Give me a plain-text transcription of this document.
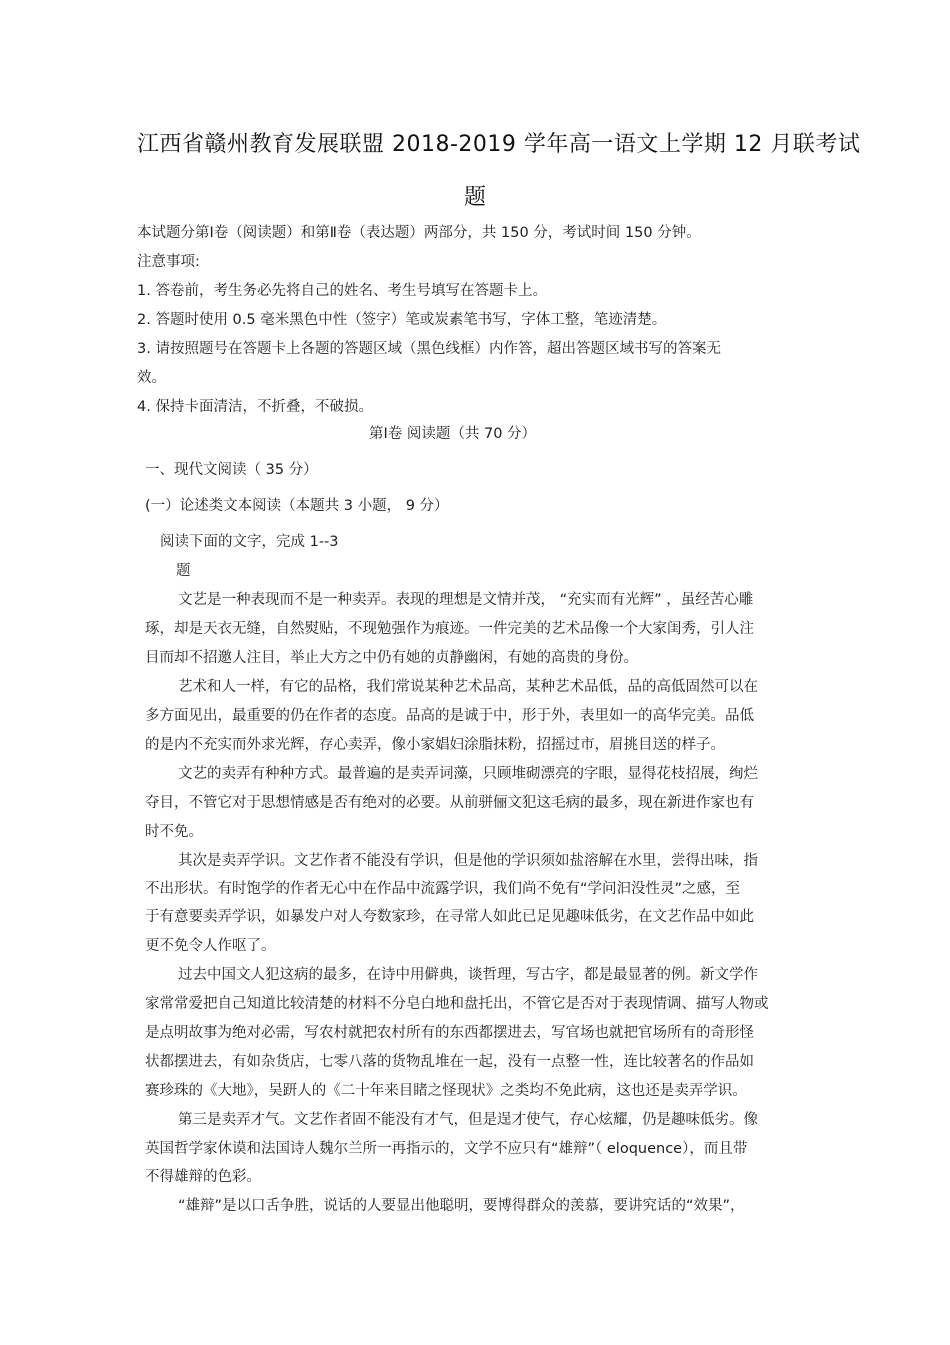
江西省赣州教育发展联盟 2018-2019 学年高一语文上学期 12 月联考试
题
本试题分第Ⅰ卷（阅读题）和第Ⅱ卷（表达题）两部分，共 150 分，考试时间 150 分钟。
注意事项:
1. 答卷前，考生务必先将自己的姓名、考生号填写在答题卡上。
2. 答题时使用 0.5 毫米黑色中性（签字）笔或炭素笔书写，字体工整，笔迹清楚。
3. 请按照题号在答题卡上各题的答题区域（黑色线框）内作答，超出答题区域书写的答案无
效。
4. 保持卡面清洁，不折叠，不破损。
第Ⅰ卷 阅读题（共 70 分）
一、现代文阅读（ 35 分）
(一）论述类文本阅读（本题共 3 小题， 9 分）
阅读下面的文字，完成 1--3
题
文艺是一种表现而不是一种卖弄。表现的理想是文情并茂， “充实而有光辉” ，虽经苦心雕
琢，却是天衣无缝，自然熨贴，不现勉强作为痕迹。一件完美的艺术品像一个大家闺秀，引人注
目而却不招邀人注目，举止大方之中仍有她的贞静幽闲，有她的高贵的身份。
艺术和人一样，有它的品格，我们常说某种艺术品高，某种艺术品低，品的高低固然可以在
多方面见出，最重要的仍在作者的态度。品高的是诚于中，形于外，表里如一的高华完美。品低
的是内不充实而外求光辉，存心卖弄，像小家娼妇涂脂抹粉，招摇过市，眉挑目送的样子。
文艺的卖弄有种种方式。最普遍的是卖弄词藻，只顾堆砌漂亮的字眼，显得花枝招展，绚烂
夺目，不管它对于思想情感是否有绝对的必要。从前骈俪文犯这毛病的最多，现在新进作家也有
时不免。
其次是卖弄学识。文艺作者不能没有学识，但是他的学识须如盐溶解在水里，尝得出味，指
不出形状。有时饱学的作者无心中在作品中流露学识，我们尚不免有“学问汩没性灵”之感，至
于有意要卖弄学识，如暴发户对人夸数家珍，在寻常人如此已足见趣味低劣，在文艺作品中如此
更不免令人作呕了。
过去中国文人犯这病的最多，在诗中用僻典，谈哲理，写古字，都是最显著的例。新文学作
家常常爱把自己知道比较清楚的材料不分皂白地和盘托出，不管它是否对于表现情调、描写人物或
是点明故事为绝对必需，写农村就把农村所有的东西都摆进去，写官场也就把官场所有的奇形怪
状都摆进去，有如杂货店，七零八落的货物乱堆在一起，没有一点整一性，连比较著名的作品如
赛珍珠的《大地》，吴趼人的《二十年来目睹之怪现状》之类均不免此病，这也还是卖弄学识。
第三是卖弄才气。文艺作者固不能没有才气，但是逞才使气，存心炫耀，仍是趣味低劣。像
英国哲学家休谟和法国诗人魏尔兰所一再指示的，文学不应只有“雄辩”（ eloquence），而且带
不得雄辩的色彩。
“雄辩”是以口舌争胜，说话的人要显出他聪明，要博得群众的羡慕，要讲究话的“效果”，
